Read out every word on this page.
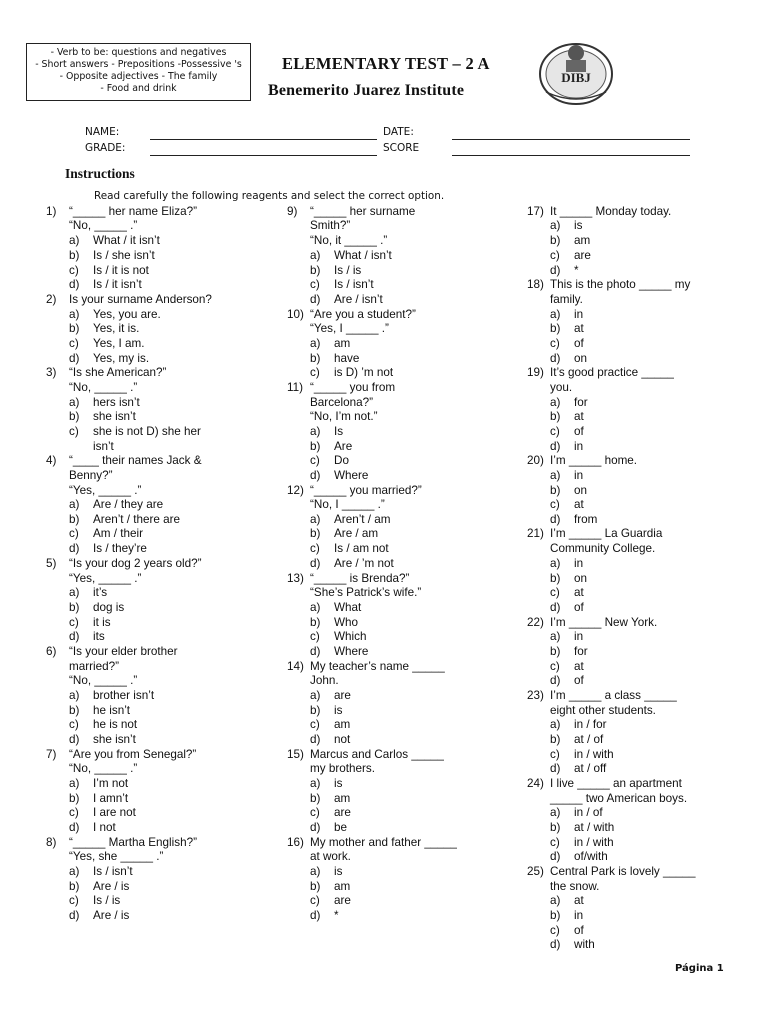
- Verb to be: questions and negatives
- Short answers - Prepositions -Possessive 's
- Opposite adjectives - The family
- Food and drink
ELEMENTARY TEST – 2 A
Benemerito Juarez Institute
DIBJ
NAME:
GRADE:
DATE:
SCORE
Instructions
Read carefully the following reagents and select the correct option.
1) “_____ her name Eliza?”
“No, _____ .”
a) What / it isn’t
b) Is / she isn’t
c) Is / it is not
d) Is / it isn’t
2) Is your surname Anderson?
a) Yes, you are.
b) Yes, it is.
c) Yes, I am.
d) Yes, my is.
3) “Is she American?”
“No, _____ .”
a) hers isn’t
b) she isn’t
c) she is not D) she her
isn’t
4) “____ their names Jack &
Benny?”
“Yes, _____ .”
a) Are / they are
b) Aren’t / there are
c) Am / their
d) Is / they’re
5) “Is your dog 2 years old?”
“Yes, _____ .”
a) it’s
b) dog is
c) it is
d) its
6) “Is your elder brother
married?”
“No, _____ .”
a) brother isn’t
b) he isn’t
c) he is not
d) she isn’t
7) “Are you from Senegal?”
“No, _____ .”
a) I’m not
b) I amn’t
c) I are not
d) I not
8) “_____ Martha English?”
“Yes, she _____ .”
a) Is / isn’t
b) Are / is
c) Is / is
d) Are / is
9) “_____ her surname
Smith?”
“No, it _____ .”
a) What / isn’t
b) Is / is
c) Is / isn’t
d) Are / isn’t
10) “Are you a student?”
“Yes, I _____ .”
a) am
b) have
c) is D) ’m not
11) “_____ you from
Barcelona?”
“No, I’m not.”
a) Is
b) Are
c) Do
d) Where
12) “_____ you married?”
“No, I _____ .”
a) Aren’t / am
b) Are / am
c) Is / am not
d) Are / ’m not
13) “_____ is Brenda?”
“She’s Patrick’s wife.”
a) What
b) Who
c) Which
d) Where
14) My teacher’s name _____
John.
a) are
b) is
c) am
d) not
15) Marcus and Carlos _____
my brothers.
a) is
b) am
c) are
d) be
16) My mother and father _____
at work.
a) is
b) am
c) are
d) *
17) It _____ Monday today.
a) is
b) am
c) are
d) *
18) This is the photo _____ my
family.
a) in
b) at
c) of
d) on
19) It’s good practice _____
you.
a) for
b) at
c) of
d) in
20) I’m _____ home.
a) in
b) on
c) at
d) from
21) I’m _____ La Guardia
Community College.
a) in
b) on
c) at
d) of
22) I’m _____ New York.
a) in
b) for
c) at
d) of
23) I’m _____ a class _____
eight other students.
a) in / for
b) at / of
c) in / with
d) at / off
24) I live _____ an apartment
_____ two American boys.
a) in / of
b) at / with
c) in / with
d) of/with
25) Central Park is lovely _____
the snow.
a) at
b) in
c) of
d) with
Página 1
